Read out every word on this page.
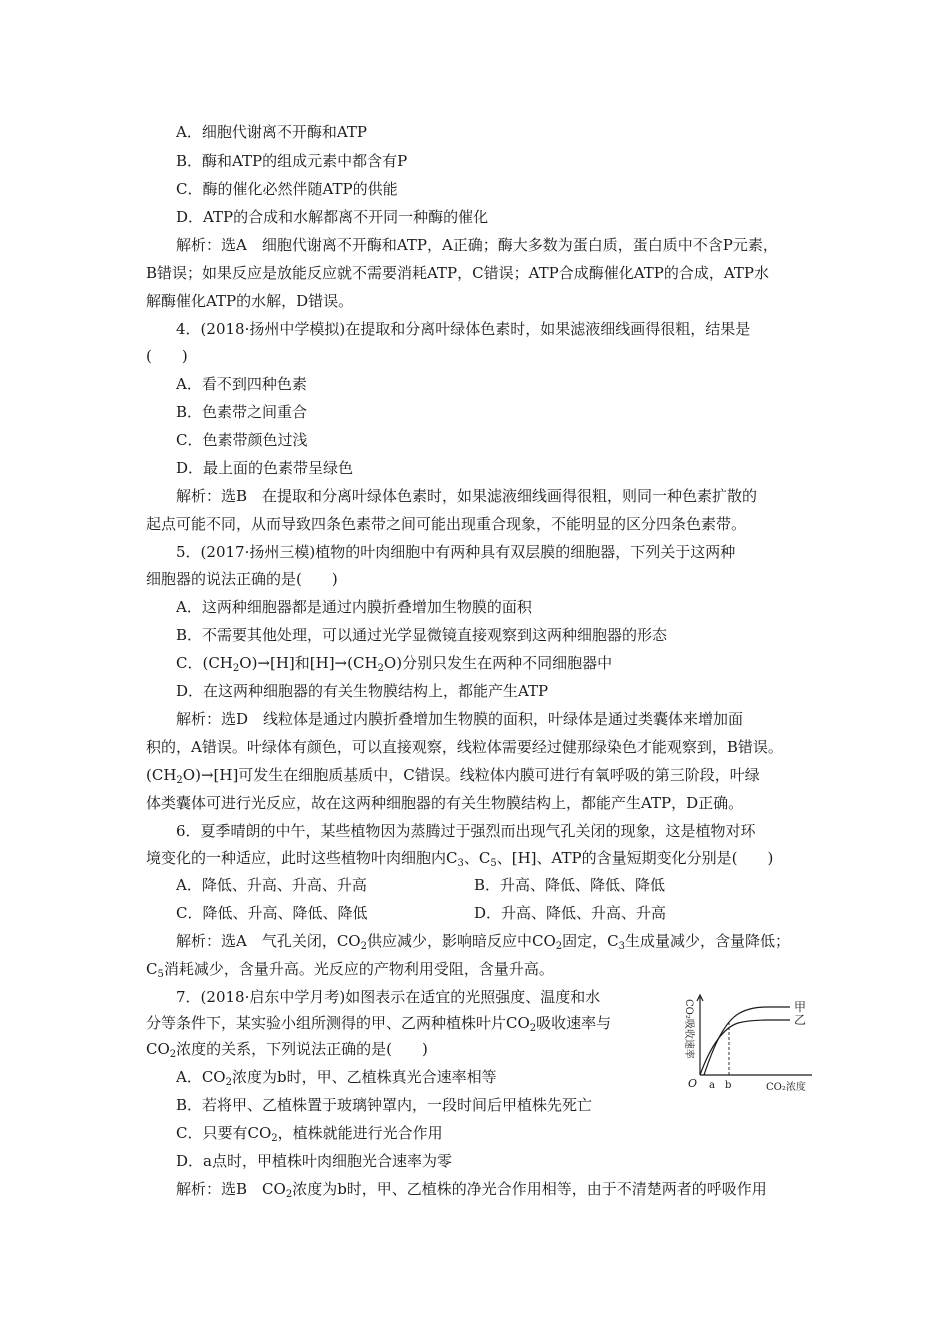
A．细胞代谢离不开酶和ATP
B．酶和ATP的组成元素中都含有P
C．酶的催化必然伴随ATP的供能
D．ATP的合成和水解都离不开同一种酶的催化
解析：选A　细胞代谢离不开酶和ATP，A正确；酶大多数为蛋白质，蛋白质中不含P元素，
B错误；如果反应是放能反应就不需要消耗ATP，C错误；ATP合成酶催化ATP的合成，ATP水
解酶催化ATP的水解，D错误。
4．(2018·扬州中学模拟)在提取和分离叶绿体色素时，如果滤液细线画得很粗，结果是
(　　)
A．看不到四种色素
B．色素带之间重合
C．色素带颜色过浅
D．最上面的色素带呈绿色
解析：选B　在提取和分离叶绿体色素时，如果滤液细线画得很粗，则同一种色素扩散的
起点可能不同，从而导致四条色素带之间可能出现重合现象，不能明显的区分四条色素带。
5．(2017·扬州三模)植物的叶肉细胞中有两种具有双层膜的细胞器，下列关于这两种
细胞器的说法正确的是(　　)
A．这两种细胞器都是通过内膜折叠增加生物膜的面积
B．不需要其他处理，可以通过光学显微镜直接观察到这两种细胞器的形态
C．$(CH_2O)\to[H]$和$[H]\to(CH_2O)$分别只发生在两种不同细胞器中
D．在这两种细胞器的有关生物膜结构上，都能产生ATP
解析：选D　线粒体是通过内膜折叠增加生物膜的面积，叶绿体是通过类囊体来增加面
积的，A错误。叶绿体有颜色，可以直接观察，线粒体需要经过健那绿染色才能观察到，B错误。
$(CH_2O)\to[H]$可发生在细胞质基质中，C错误。线粒体内膜可进行有氧呼吸的第三阶段，叶绿
体类囊体可进行光反应，故在这两种细胞器的有关生物膜结构上，都能产生ATP，D正确。
6．夏季晴朗的中午，某些植物因为蒸腾过于强烈而出现气孔关闭的现象，这是植物对环
境变化的一种适应，此时这些植物叶肉细胞内$C_3$、$C_5$、[H]、ATP的含量短期变化分别是(　　)
A．降低、升高、升高、升高	B．升高、降低、降低、降低
C．降低、升高、降低、降低	D．升高、降低、升高、升高
解析：选A　气孔关闭，$CO_2$供应减少，影响暗反应中$CO_2$固定，$C_3$生成量减少，含量降低；
$C_5$消耗减少，含量升高。光反应的产物利用受阻，含量升高。
7．(2018·启东中学月考)如图表示在适宜的光照强度、温度和水
分等条件下，某实验小组所测得的甲、乙两种植株叶片$CO_2$吸收速率与
$CO_2$浓度的关系，下列说法正确的是(　　)
A．$CO_2$浓度为b时，甲、乙植株真光合速率相等
B．若将甲、乙植株置于玻璃钟罩内，一段时间后甲植株先死亡
C．只要有$CO_2$，植株就能进行光合作用
D．a点时，甲植株叶肉细胞光合速率为零
解析：选B　$CO_2$浓度为b时，甲、乙植株的净光合作用相等，由于不清楚两者的呼吸作用
CO₂吸收速率
O a b	CO₂浓度
甲
乙
